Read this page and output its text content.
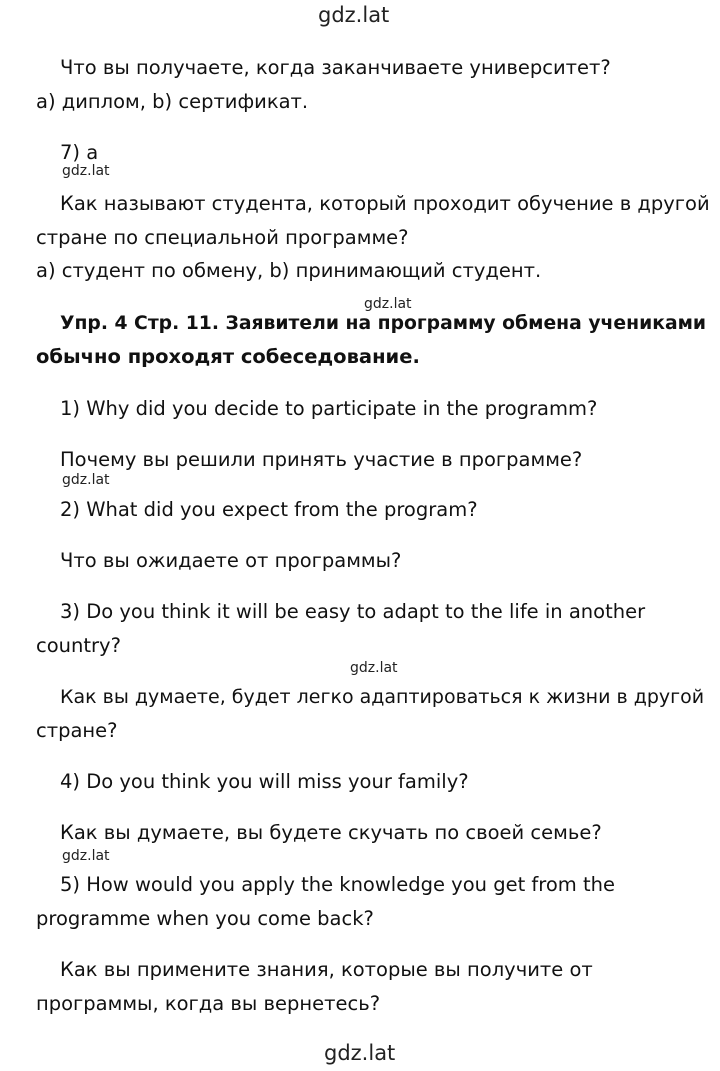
gdz.lat
gdz.lat
gdz.lat
gdz.lat
gdz.lat
gdz.lat
gdz.lat
Что вы получаете, когда заканчиваете университет?
а) диплом, b) сертификат.
7) а
Как называют студента, который проходит обучение в другой
стране по специальной программе?
а) студент по обмену, b) принимающий студент.
Упр. 4 Стр. 11. Заявители на программу обмена учениками
обычно проходят собеседование.
1) Why did you decide to participate in the programm?
Почему вы решили принять участие в программе?
2) What did you expect from the program?
Что вы ожидаете от программы?
3) Do you think it will be easy to adapt to the life in another
country?
Как вы думаете, будет легко адаптироваться к жизни в другой
стране?
4) Do you think you will miss your family?
Как вы думаете, вы будете скучать по своей семье?
5) How would you apply the knowledge you get from the
programme when you come back?
Как вы примените знания, которые вы получите от
программы, когда вы вернетесь?
